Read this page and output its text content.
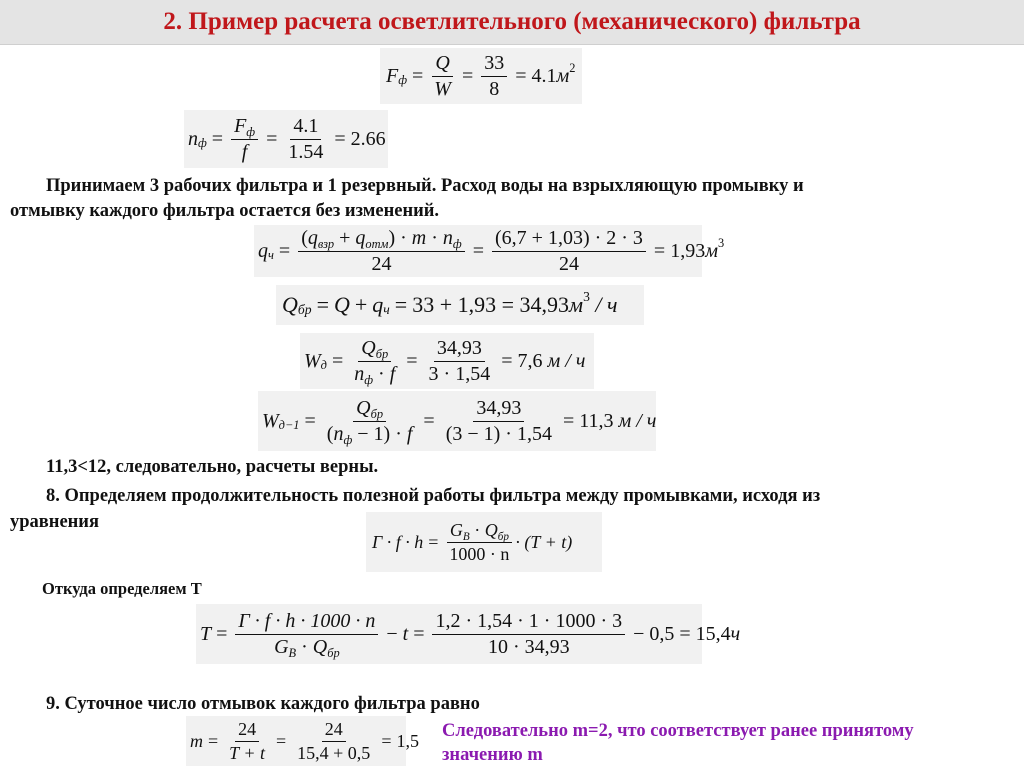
2. Пример расчета осветлительного (механического) фильтра
F $ф = \frac{Q}{W} = \frac{33}{8} = 4.1$ м 2
n $ф = \frac{F_ф}{f} = \frac{4.1}{1.54} = 2.66$
Принимаем 3 рабочих фильтра и 1 резервный. Расход воды на взрыхляющую промывку и
отмывку каждого фильтра остается без изменений.
q $ч = \frac{(q_{взр} + q_{отм}) \cdot m \cdot n_ф}{24} = \frac{(6,7 + 1,03) \cdot 2 \cdot 3}{24} = 1,93$ м 3
Q бр = Q + q ч = 33 + 1,93 = 34,93 м 3 / ч
W $д = \frac{Q_{бр}}{n_ф \cdot f} = \frac{34,93}{3 \cdot 1,54} = 7,6$ м / ч
W $д-1 = \frac{Q_{бр}}{(n_ф - 1) \cdot f} = \frac{34,93}{(3 - 1) \cdot 1,54} = 11,3$ м / ч
11,3<12, следовательно, расчеты верны.
8. Определяем продолжительность полезной работы фильтра между промывками, исходя из
уравнения
$Г \cdot f \cdot h = \frac{G_В \cdot Q_{бр}}{1000 \cdot n} \cdot (T + t)$
Откуда определяем Т
$T = \frac{Г \cdot f \cdot h \cdot 1000 \cdot n}{G_В \cdot Q_{бр}} - t = \frac{1,2 \cdot 1,54 \cdot 1 \cdot 1000 \cdot 3}{10 \cdot 34,93} - 0,5 = 15,4$ ч
9. Суточное число отмывок каждого фильтра равно
$m = \frac{24}{T + t} = \frac{24}{15,4 + 0,5} = 1,5$ Следовательно m=2, что соответствует ранее принятому
значению m
